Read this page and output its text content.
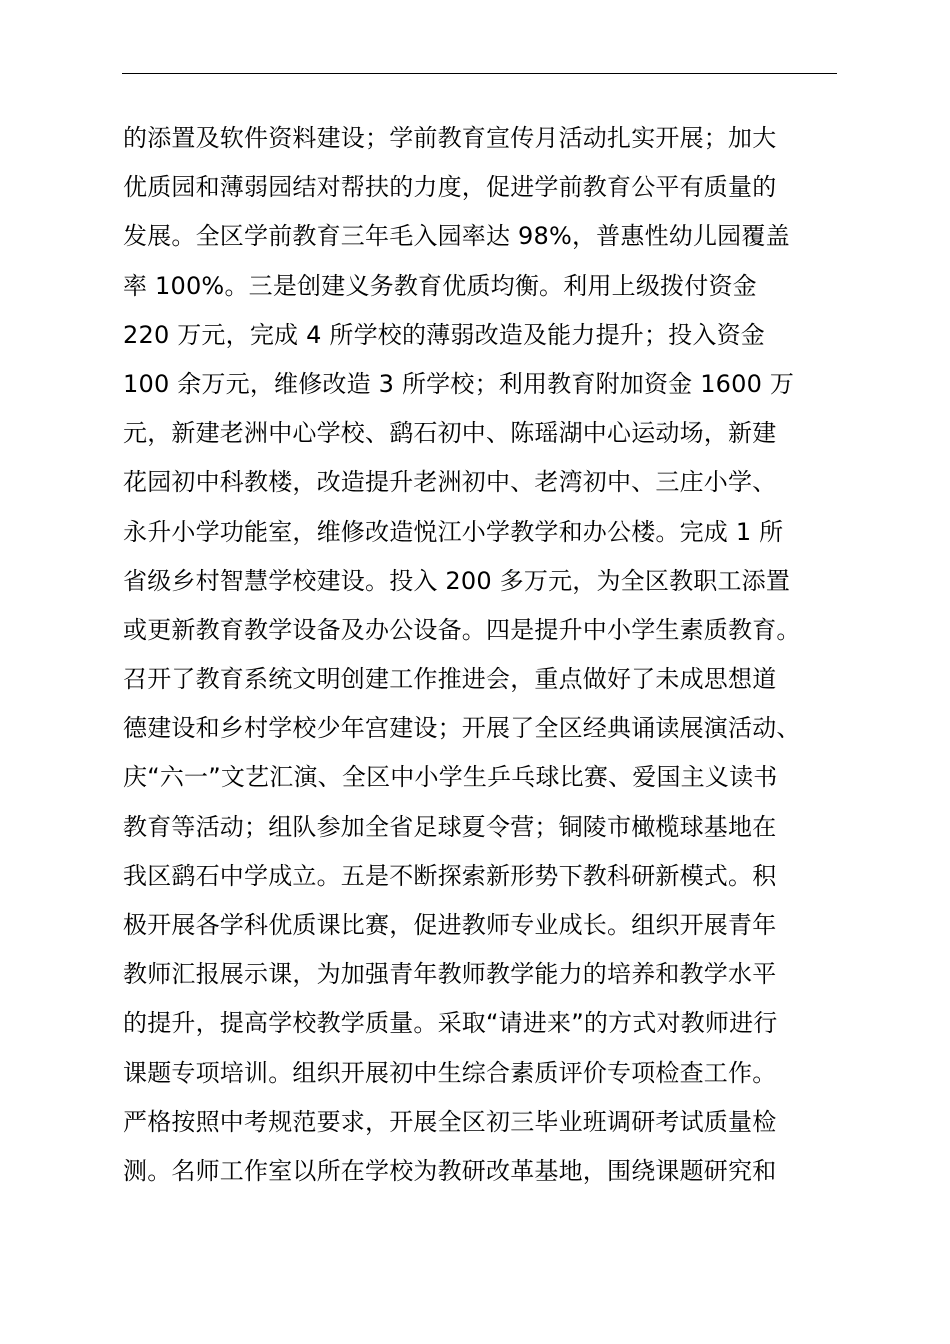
的添置及软件资料建设；学前教育宣传月活动扎实开展；加大
优质园和薄弱园结对帮扶的力度，促进学前教育公平有质量的
发展。全区学前教育三年毛入园率达 98%，普惠性幼儿园覆盖
率 100%。三是创建义务教育优质均衡。利用上级拨付资金
220 万元，完成 4 所学校的薄弱改造及能力提升；投入资金
100 余万元，维修改造 3 所学校；利用教育附加资金 1600 万
元，新建老洲中心学校、鹞石初中、陈瑶湖中心运动场，新建
花园初中科教楼，改造提升老洲初中、老湾初中、三庄小学、
永升小学功能室，维修改造悦江小学教学和办公楼。完成 1 所
省级乡村智慧学校建设。投入 200 多万元，为全区教职工添置
或更新教育教学设备及办公设备。四是提升中小学生素质教育。
召开了教育系统文明创建工作推进会，重点做好了未成思想道
德建设和乡村学校少年宫建设；开展了全区经典诵读展演活动、
庆“六一”文艺汇演、全区中小学生乒乓球比赛、爱国主义读书
教育等活动；组队参加全省足球夏令营；铜陵市橄榄球基地在
我区鹞石中学成立。五是不断探索新形势下教科研新模式。积
极开展各学科优质课比赛，促进教师专业成长。组织开展青年
教师汇报展示课，为加强青年教师教学能力的培养和教学水平
的提升，提高学校教学质量。采取“请进来”的方式对教师进行
课题专项培训。组织开展初中生综合素质评价专项检查工作。
严格按照中考规范要求，开展全区初三毕业班调研考试质量检
测。名师工作室以所在学校为教研改革基地，围绕课题研究和
